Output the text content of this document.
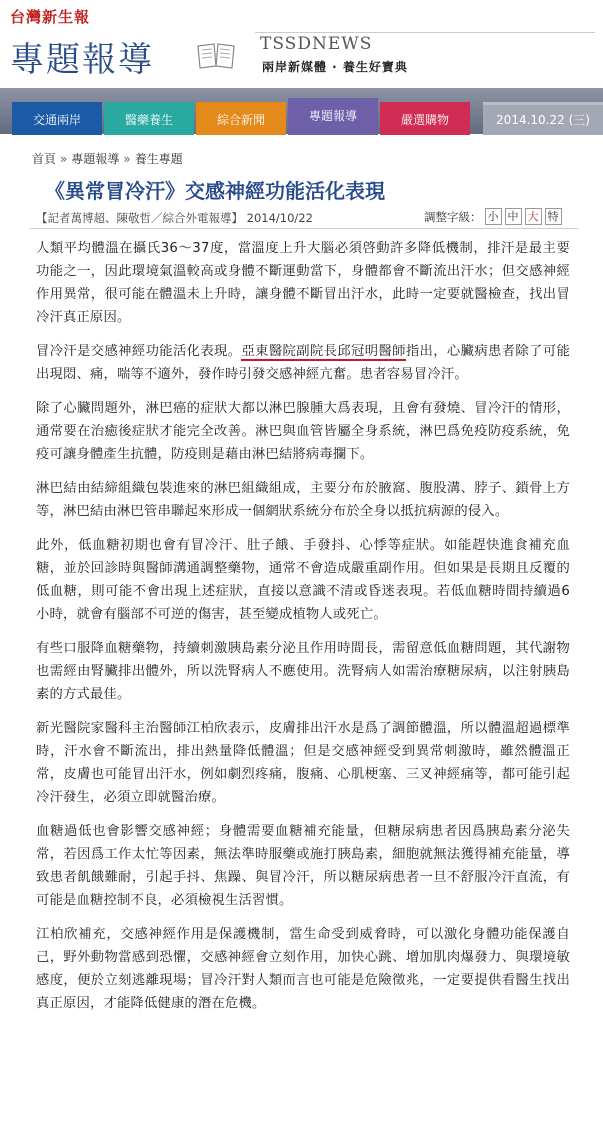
台灣新生報
專題報導	TSSDNEWS
兩岸新媒體 · 養生好寶典
交通兩岸	醫藥養生	綜合新聞	專題報導	嚴選購物	2014.10.22 (三)
首頁 » 專題報導 » 養生專題
《異常冒冷汗》交感神經功能活化表現
【記者萬博超、陳敬哲／綜合外電報導】 2014/10/22	調整字級： 小 中 大 特

人類平均體溫在攝氏36～37度，當溫度上升大腦必須啓動許多降低機制，排汗是最主要功能之一，因此環境氣溫較高或身體不斷運動當下，身體都會不斷流出汗水；但交感神經作用異常，很可能在體溫未上升時，讓身體不斷冒出汗水，此時一定要就醫檢查，找出冒冷汗真正原因。

冒冷汗是交感神經功能活化表現。亞東醫院副院長邱冠明醫師指出，心臟病患者除了可能出現悶、痛，喘等不適外，發作時引發交感神經亢奮。患者容易冒冷汗。

除了心臟問題外，淋巴癌的症狀大都以淋巴腺腫大爲表現，且會有發燒、冒冷汗的情形，通常要在治癒後症狀才能完全改善。淋巴與血管皆屬全身系統，淋巴爲免疫防疫系統，免疫可讓身體產生抗體，防疫則是藉由淋巴結將病毒攔下。

淋巴結由結締組織包裝進來的淋巴組織組成，主要分布於腋窩、腹股溝、脖子、鎖骨上方等，淋巴結由淋巴管串聯起來形成一個網狀系統分布於全身以抵抗病源的侵入。

此外，低血糖初期也會有冒冷汗、肚子餓、手發抖、心悸等症狀。如能趕快進食補充血糖，並於回診時與醫師溝通調整藥物，通常不會造成嚴重副作用。但如果是長期且反覆的低血糖，則可能不會出現上述症狀，直接以意識不清或昏迷表現。若低血糖時間持續過6小時，就會有腦部不可逆的傷害，甚至變成植物人或死亡。

有些口服降血糖藥物，持續刺激胰島素分泌且作用時間長，需留意低血糖問題，其代謝物也需經由腎臟排出體外，所以洗腎病人不應使用。洗腎病人如需治療糖尿病，以注射胰島素的方式最佳。

新光醫院家醫科主治醫師江柏欣表示，皮膚排出汗水是爲了調節體溫，所以體溫超過標準時，汗水會不斷流出，排出熱量降低體溫；但是交感神經受到異常刺激時，雖然體溫正常，皮膚也可能冒出汗水，例如劇烈疼痛，腹痛、心肌梗塞、三叉神經痛等，都可能引起冷汗發生，必須立即就醫治療。

血糖過低也會影響交感神經；身體需要血糖補充能量，但糖尿病患者因爲胰島素分泌失常，若因爲工作太忙等因素，無法準時服藥或施打胰島素，細胞就無法獲得補充能量，導致患者飢餓難耐，引起手抖、焦躁、與冒冷汗，所以糖尿病患者一旦不舒服冷汗直流，有可能是血糖控制不良，必須檢視生活習慣。

江柏欣補充，交感神經作用是保護機制，當生命受到威脅時，可以激化身體功能保護自己，野外動物當感到恐懼，交感神經會立刻作用，加快心跳、增加肌肉爆發力、與環境敏感度，便於立刻逃離現場；冒冷汗對人類而言也可能是危險徵兆，一定要提供看醫生找出真正原因，才能降低健康的潛在危機。
